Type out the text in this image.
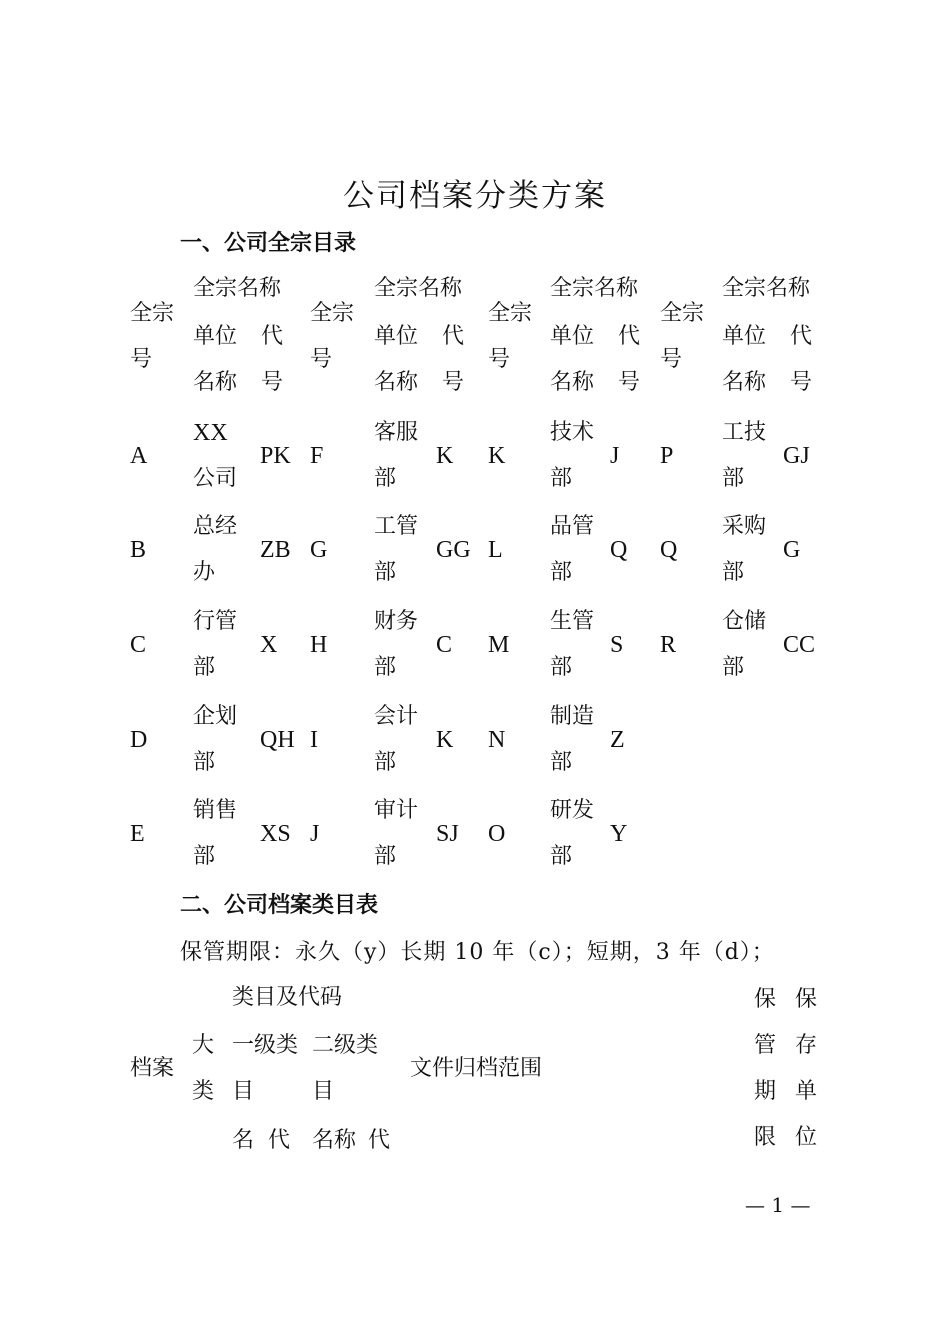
公司档案分类方案
一、公司全宗目录
全宗
号
全宗名称
单位
名称
代
号
全宗
号
全宗名称
单位
名称
代
号
全宗
号
全宗名称
单位
名称
代
号
全宗
号
全宗名称
单位
名称
代
号
A
XX
公司
PK
B
总经
办
ZB
C
行管
部
X
D
企划
部
QH
E
销售
部
XS
F
客服
部
K
G
工管
部
GG
H
财务
部
C
I
会计
部
K
J
审计
部
SJ
K
技术
部
J
L
品管
部
Q
M
生管
部
S
N
制造
部
Z
O
研发
部
Y
P
工技
部
GJ
Q
采购
部
G
R
仓储
部
CC
二、公司档案类目表
保管期限：永久（y）长期 10 年（c）；短期，3 年（d）；
档案
大
类
类目及代码
一级类
目
二级类
目
名 代 名称 代
文件归档范围
保
管
期
限
保
存
单
位
— 1 —
